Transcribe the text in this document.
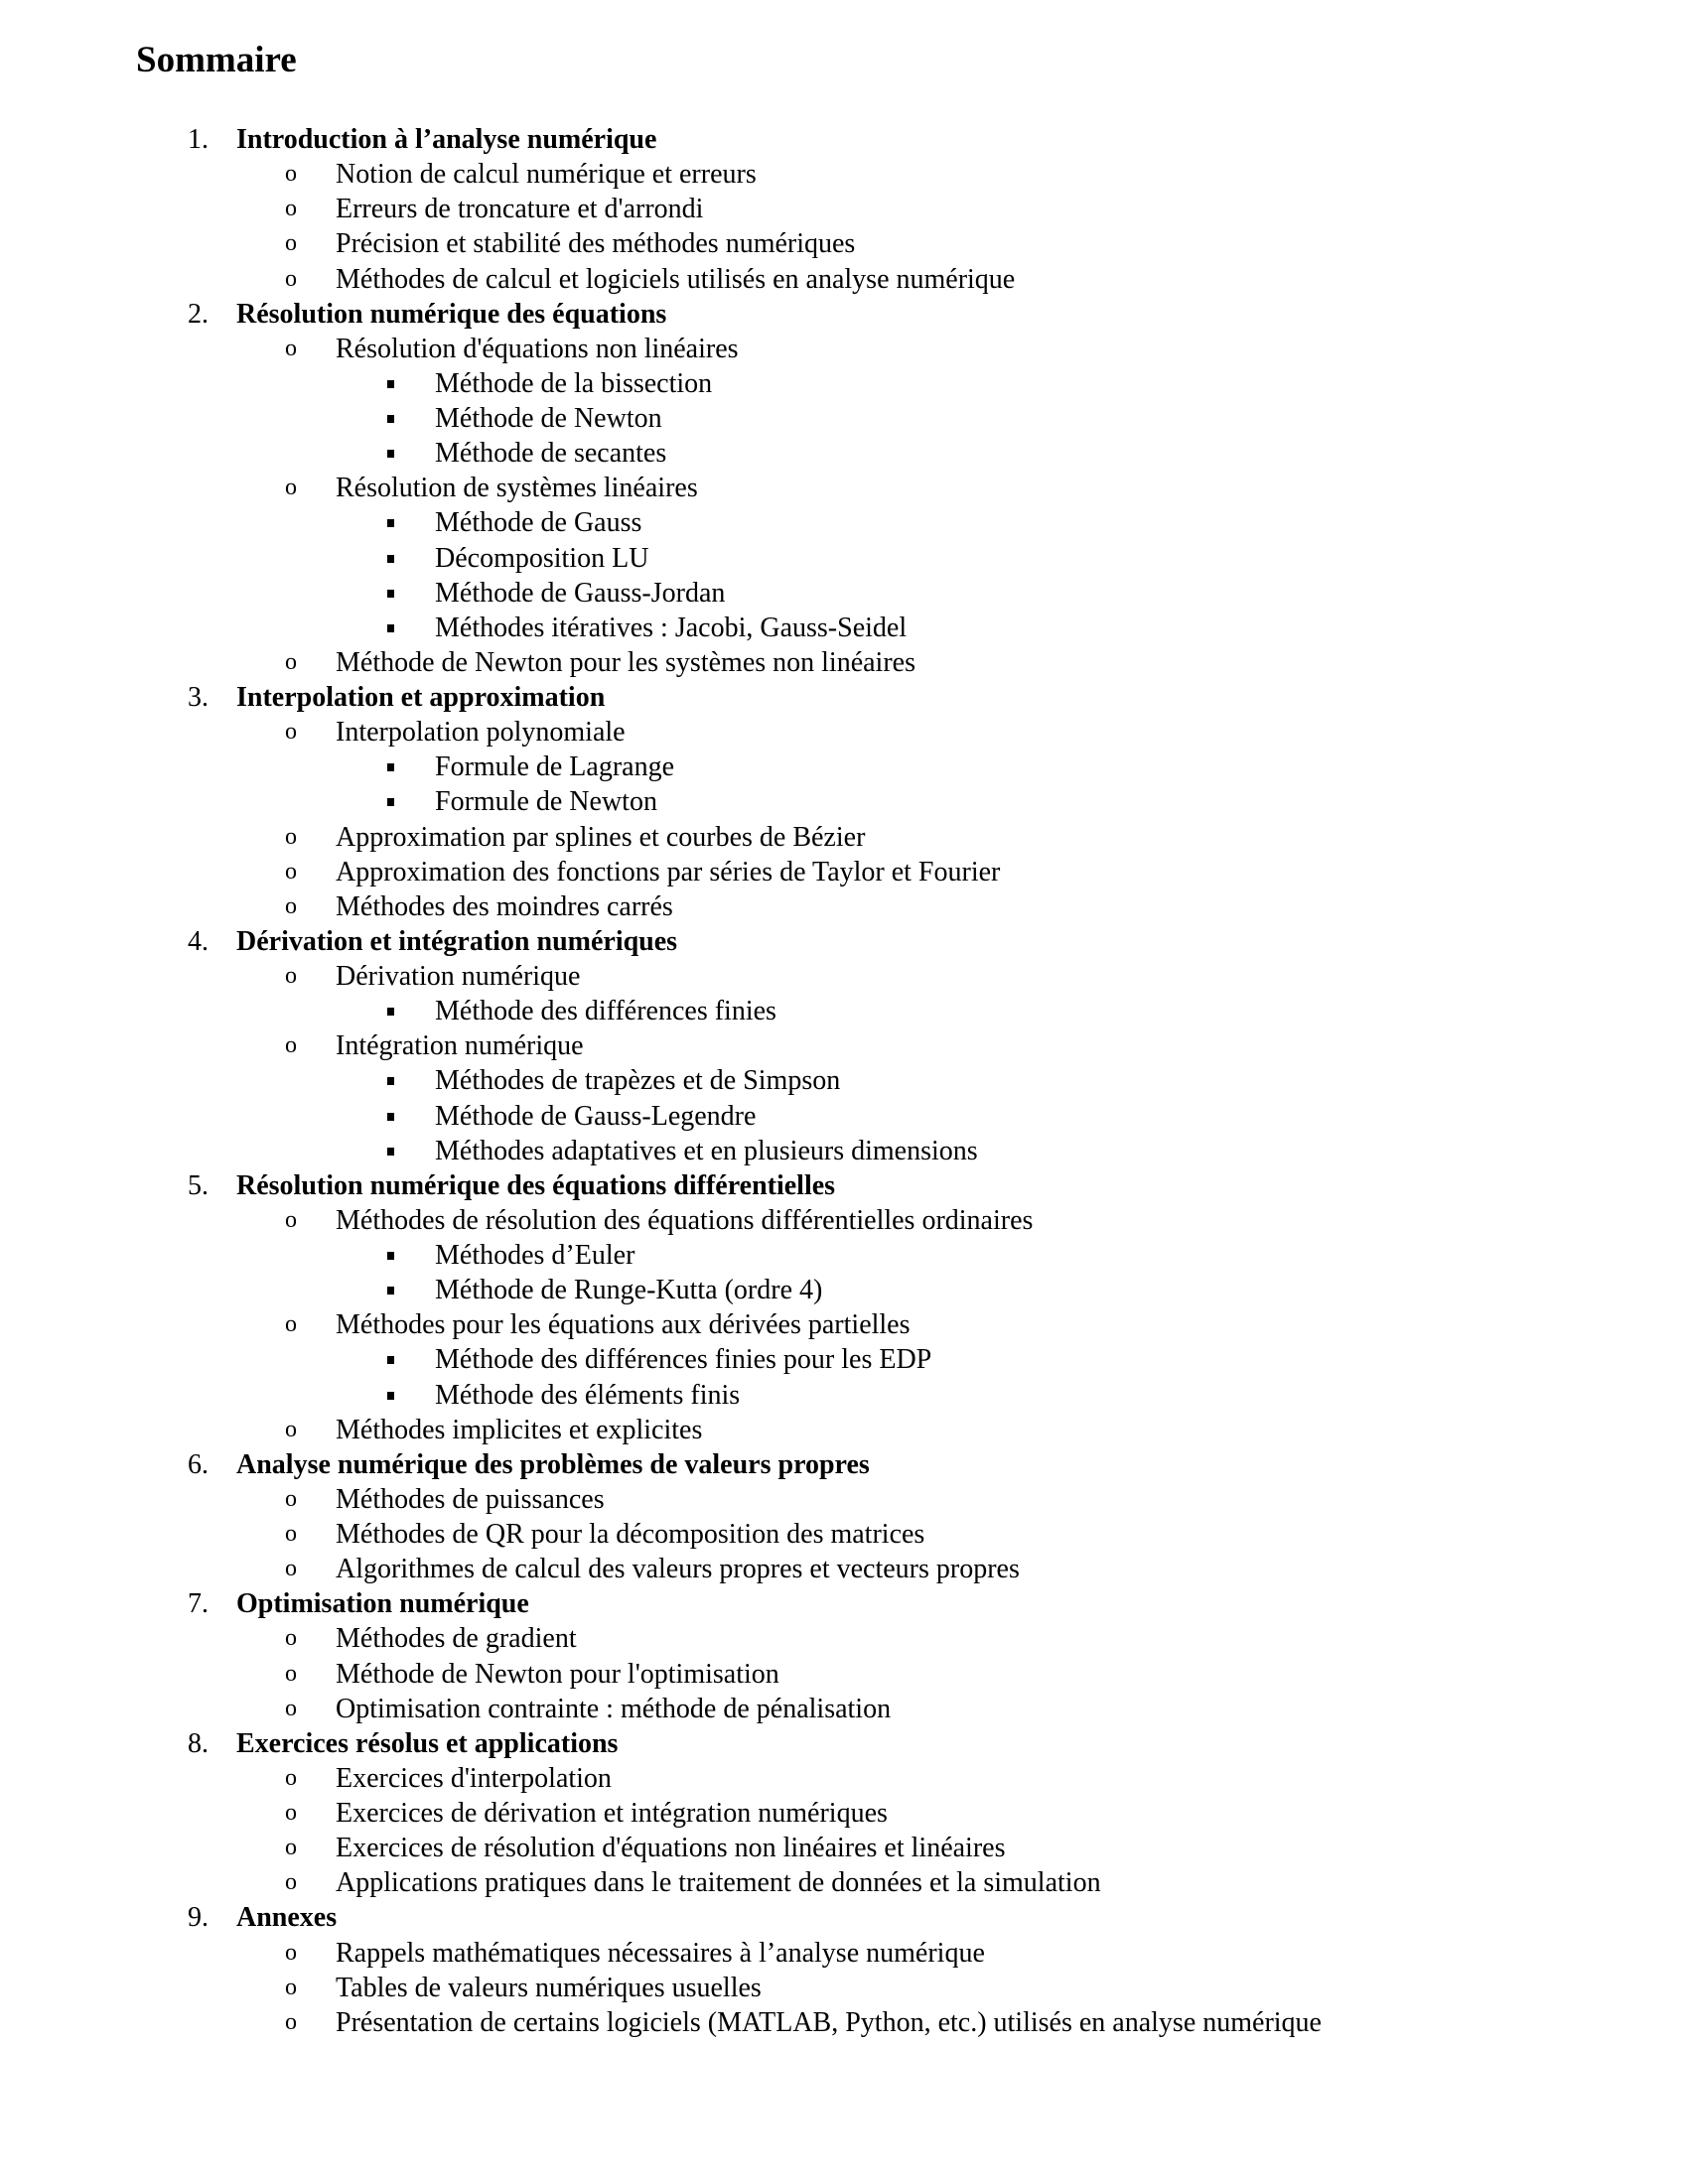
Sommaire
1. Introduction à l’analyse numérique
o Notion de calcul numérique et erreurs
o Erreurs de troncature et d'arrondi
o Précision et stabilité des méthodes numériques
o Méthodes de calcul et logiciels utilisés en analyse numérique
2. Résolution numérique des équations
o Résolution d'équations non linéaires
Méthode de la bissection
Méthode de Newton
Méthode de secantes
o Résolution de systèmes linéaires
Méthode de Gauss
Décomposition LU
Méthode de Gauss-Jordan
Méthodes itératives : Jacobi, Gauss-Seidel
o Méthode de Newton pour les systèmes non linéaires
3. Interpolation et approximation
o Interpolation polynomiale
Formule de Lagrange
Formule de Newton
o Approximation par splines et courbes de Bézier
o Approximation des fonctions par séries de Taylor et Fourier
o Méthodes des moindres carrés
4. Dérivation et intégration numériques
o Dérivation numérique
Méthode des différences finies
o Intégration numérique
Méthodes de trapèzes et de Simpson
Méthode de Gauss-Legendre
Méthodes adaptatives et en plusieurs dimensions
5. Résolution numérique des équations différentielles
o Méthodes de résolution des équations différentielles ordinaires
Méthodes d’Euler
Méthode de Runge-Kutta (ordre 4)
o Méthodes pour les équations aux dérivées partielles
Méthode des différences finies pour les EDP
Méthode des éléments finis
o Méthodes implicites et explicites
6. Analyse numérique des problèmes de valeurs propres
o Méthodes de puissances
o Méthodes de QR pour la décomposition des matrices
o Algorithmes de calcul des valeurs propres et vecteurs propres
7. Optimisation numérique
o Méthodes de gradient
o Méthode de Newton pour l'optimisation
o Optimisation contrainte : méthode de pénalisation
8. Exercices résolus et applications
o Exercices d'interpolation
o Exercices de dérivation et intégration numériques
o Exercices de résolution d'équations non linéaires et linéaires
o Applications pratiques dans le traitement de données et la simulation
9. Annexes
o Rappels mathématiques nécessaires à l’analyse numérique
o Tables de valeurs numériques usuelles
o Présentation de certains logiciels (MATLAB, Python, etc.) utilisés en analyse numérique
